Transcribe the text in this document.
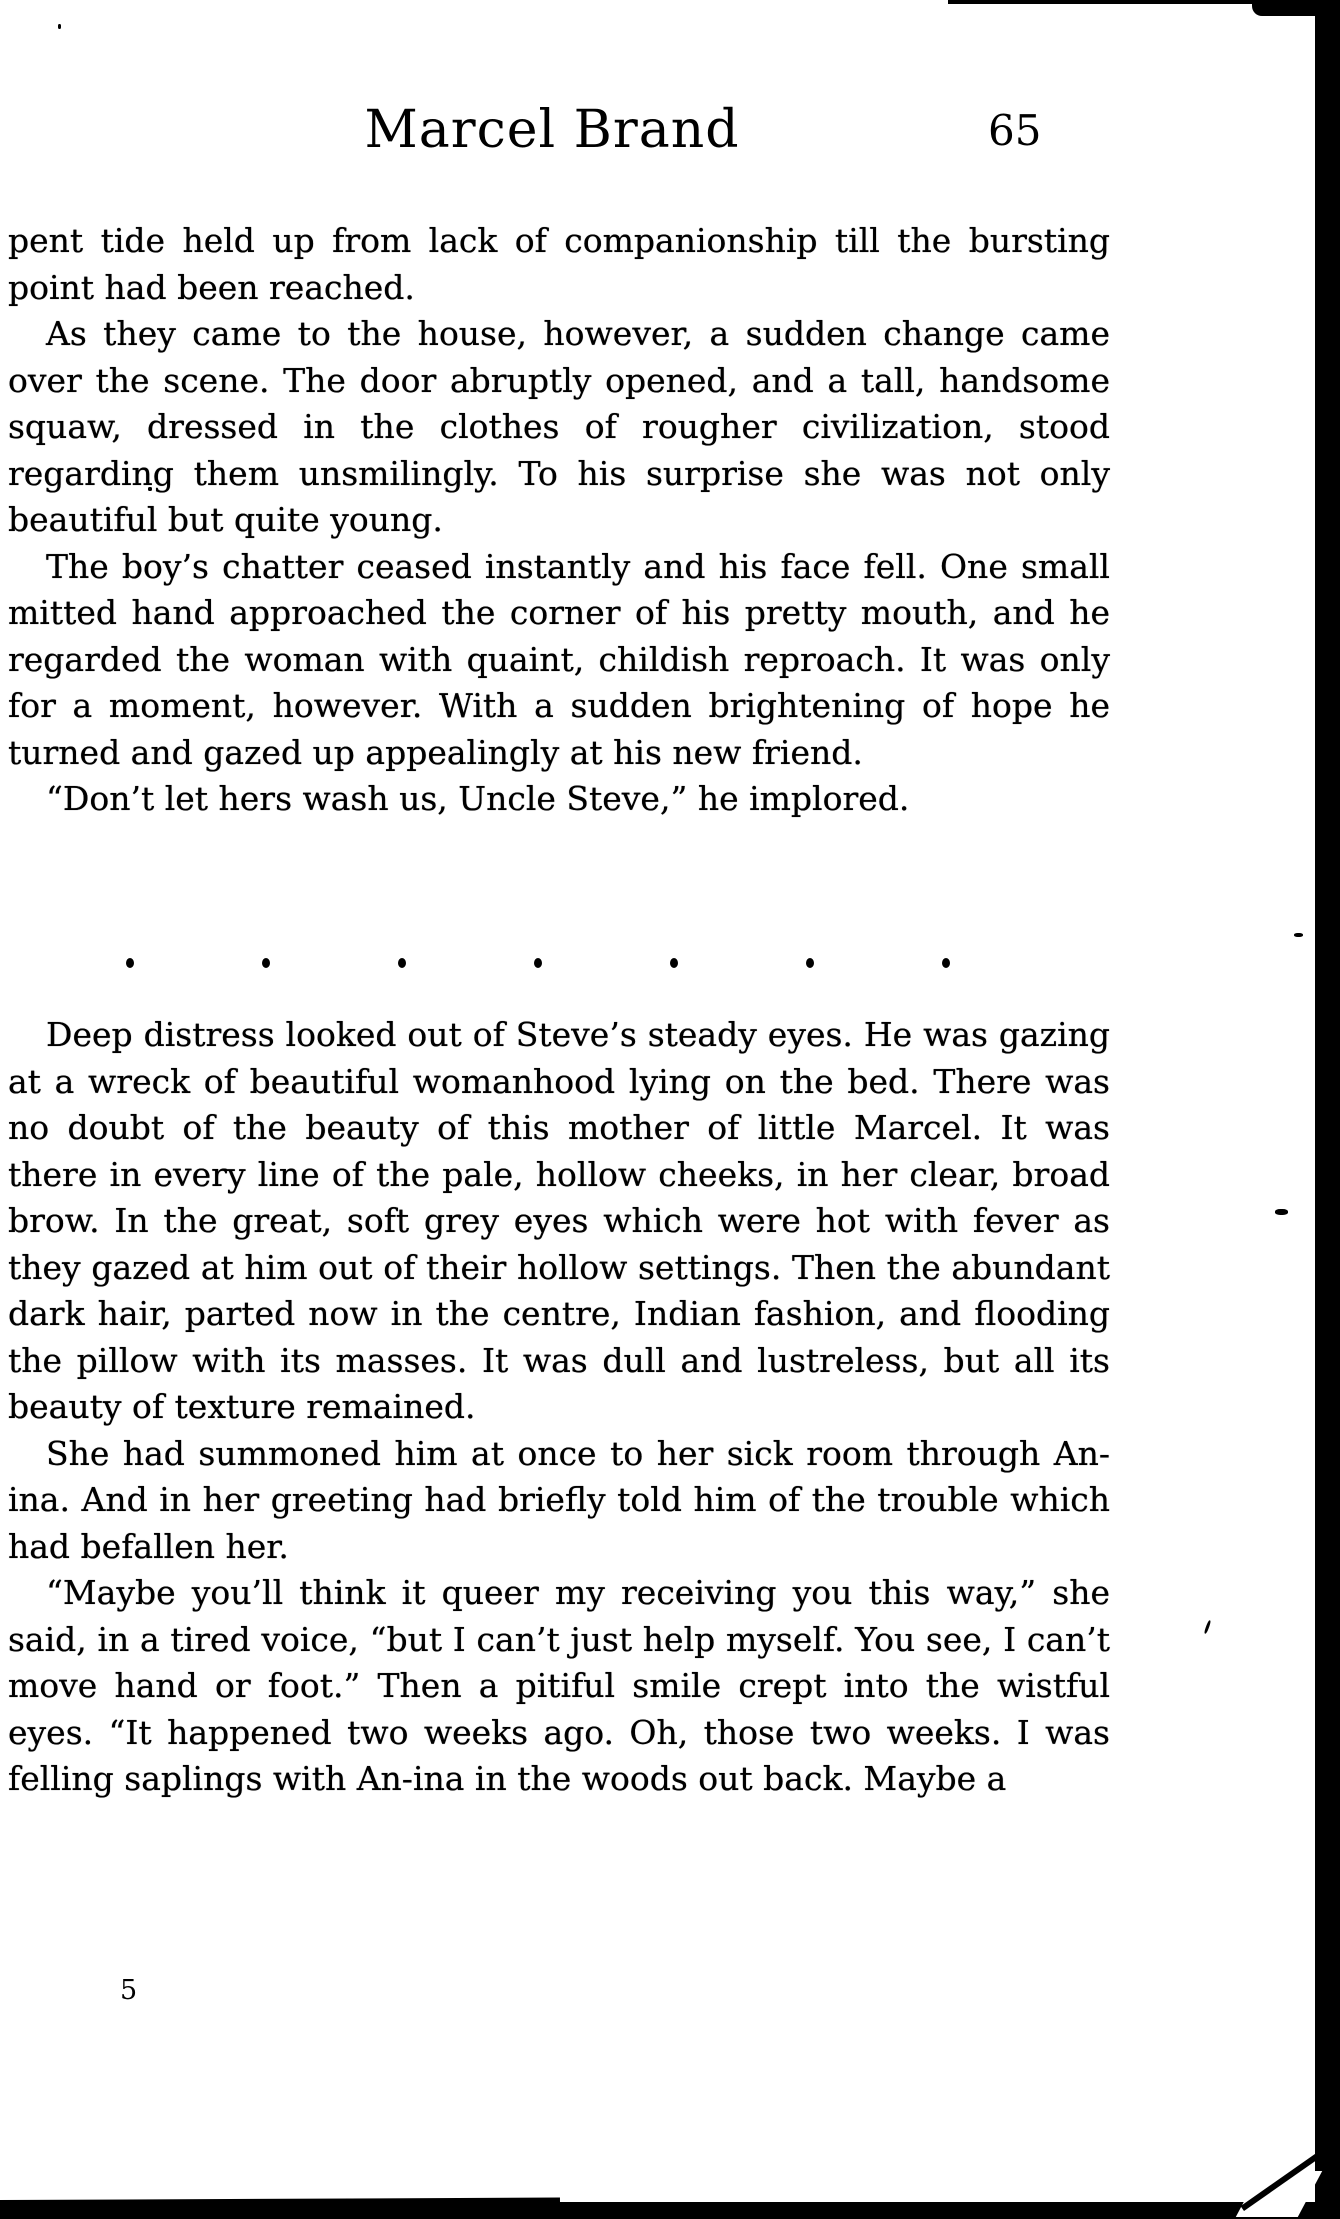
Marcel Brand	65

pent tide held up from lack of companionship till the bursting point had been reached.

As they came to the house, however, a sudden change came over the scene. The door abruptly opened, and a tall, handsome squaw, dressed in the clothes of rougher civilization, stood regarding them unsmilingly. To his surprise she was not only beautiful but quite young.

The boy’s chatter ceased instantly and his face fell. One small mitted hand approached the corner of his pretty mouth, and he regarded the woman with quaint, childish reproach. It was only for a moment, however. With a sudden brightening of hope he turned and gazed up appealingly at his new friend.

“Don’t let hers wash us, Uncle Steve,” he implored.

Deep distress looked out of Steve’s steady eyes. He was gazing at a wreck of beautiful womanhood lying on the bed. There was no doubt of the beauty of this mother of little Marcel. It was there in every line of the pale, hollow cheeks, in her clear, broad brow. In the great, soft grey eyes which were hot with fever as they gazed at him out of their hollow settings. Then the abundant dark hair, parted now in the centre, Indian fashion, and flooding the pillow with its masses. It was dull and lustreless, but all its beauty of texture remained.

She had summoned him at once to her sick room through An-ina. And in her greeting had briefly told him of the trouble which had befallen her.

“Maybe you’ll think it queer my receiving you this way,” she said, in a tired voice, “but I can’t just help myself. You see, I can’t move hand or foot.” Then a pitiful smile crept into the wistful eyes. “It happened two weeks ago. Oh, those two weeks. I was felling saplings with An-ina in the woods out back. Maybe a

5
